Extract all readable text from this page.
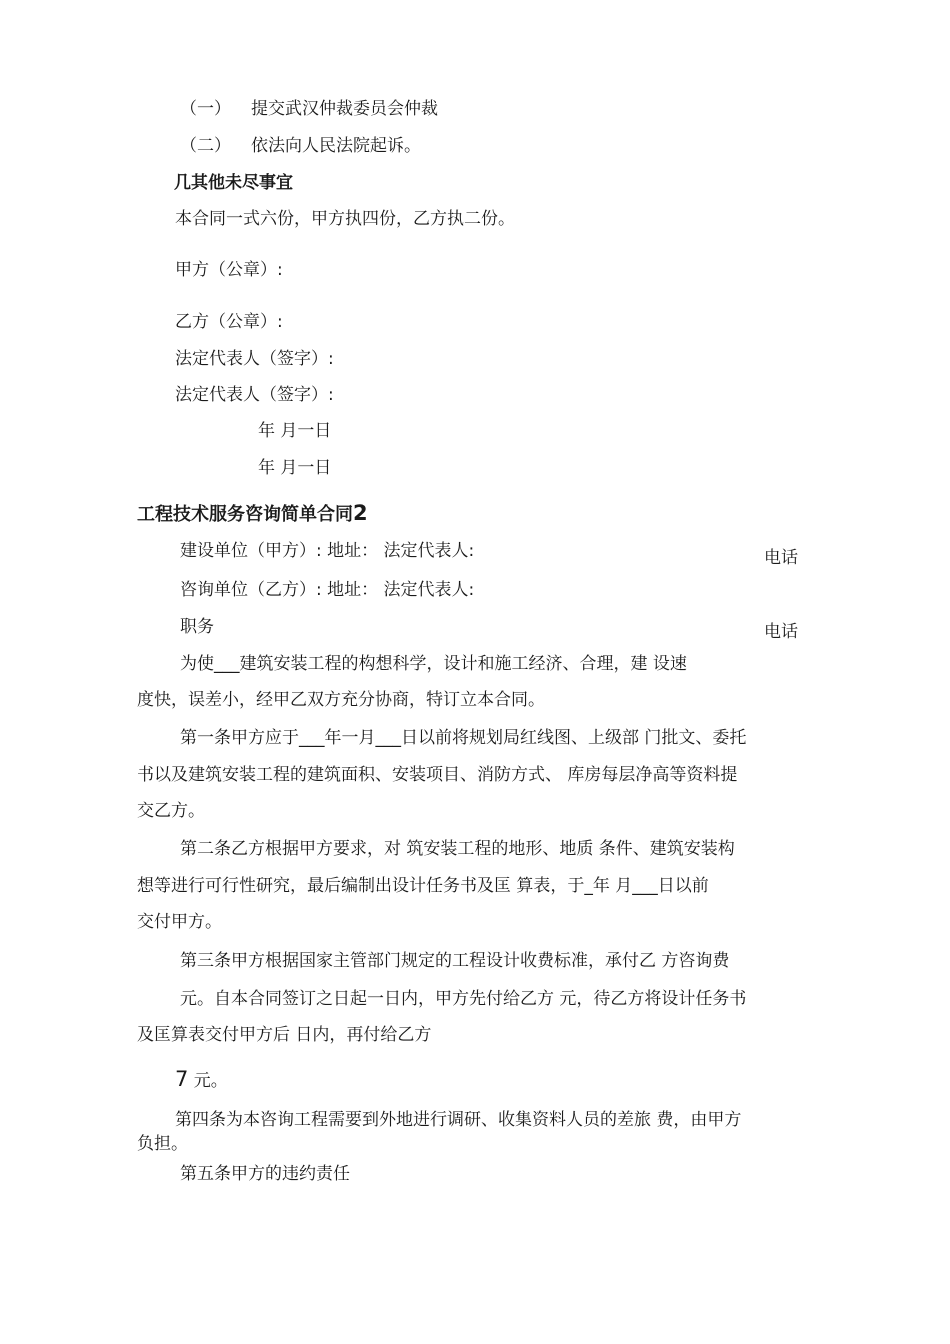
（一） 提交武汉仲裁委员会仲裁
（二） 依法向人民法院起诉。
几其他未尽事宜
本合同一式六份，甲方执四份，乙方执二份。
甲方（公章）:
乙方（公章）:
法定代表人（签字）:
法定代表人（签字）:
年 月一日
年 月一日
工程技术服务咨询简单合同2
建设单位（甲方）: 地址： 法定代表人:	电话
咨询单位（乙方）: 地址： 法定代表人:
职务	电话
为使___建筑安装工程的构想科学，设计和施工经济、合理，建 设速
度快，误差小，经甲乙双方充分协商，特订立本合同。
第一条甲方应于___年一月___日以前将规划局红线图、上级部 门批文、委托
书以及建筑安装工程的建筑面积、安装项目、消防方式、 库房每层净高等资料提
交乙方。
第二条乙方根据甲方要求，对 筑安装工程的地形、地质 条件、建筑安装构
想等进行可行性研究，最后编制出设计任务书及匡 算表，于_年 月___日以前
交付甲方。
第三条甲方根据国家主管部门规定的工程设计收费标准，承付乙 方咨询费
元。自本合同签订之日起一日内，甲方先付给乙方 元，待乙方将设计任务书
及匡算表交付甲方后 日内，再付给乙方
7 元。
第四条为本咨询工程需要到外地进行调研、收集资料人员的差旅 费，由甲方
负担。
第五条甲方的违约责任
